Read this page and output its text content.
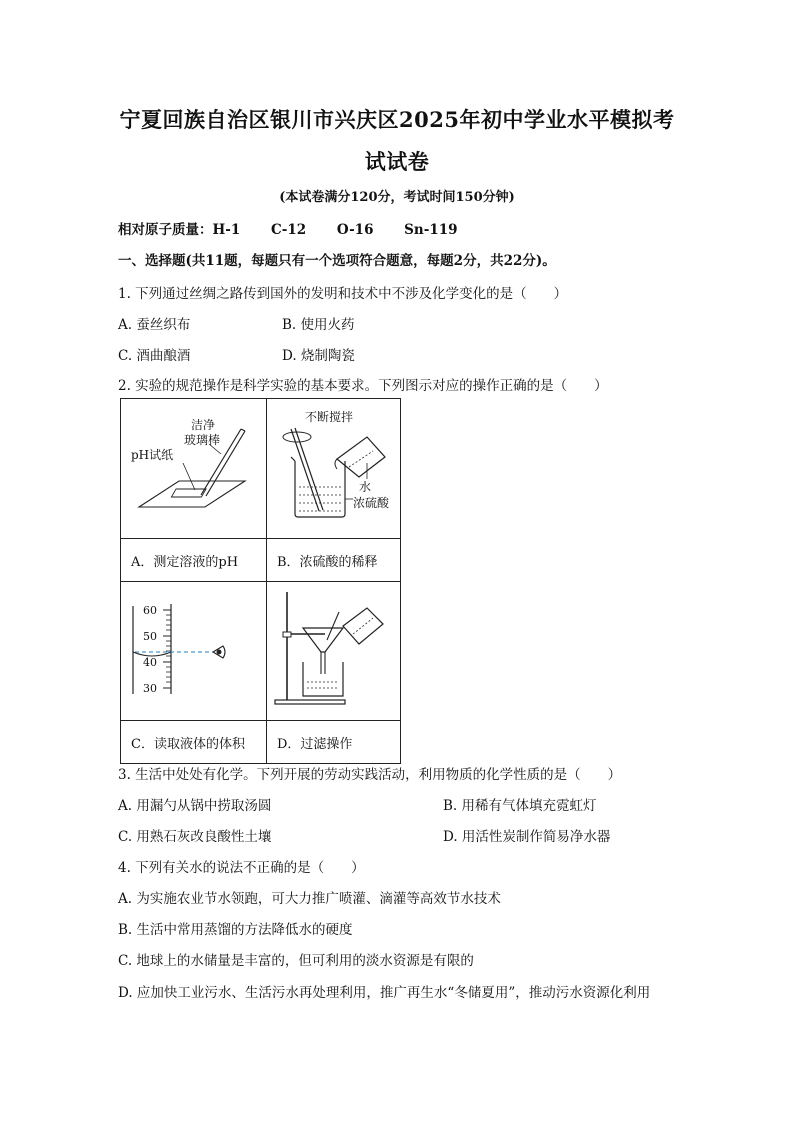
宁夏回族自治区银川市兴庆区2025年初中学业水平模拟考
试试卷
(本试卷满分120分，考试时间150分钟)
相对原子质量：H-1 C-12 O-16 Sn-119
一、选择题(共11题，每题只有一个选项符合题意，每题2分，共22分)。
1. 下列通过丝绸之路传到国外的发明和技术中不涉及化学变化的是（　　）
A. 蚕丝织布	B. 使用火药
C. 酒曲酿酒	D. 烧制陶瓷
2. 实验的规范操作是科学实验的基本要求。下列图示对应的操作正确的是（　　）
洁净
玻璃棒
pH试纸	不断搅拌
水
浓硫酸

A．测定溶液的pH	B．浓硫酸的稀释

60
50
40
30

C．读取液体的体积	D．过滤操作
3. 生活中处处有化学。下列开展的劳动实践活动，利用物质的化学性质的是（　　）
A. 用漏勺从锅中捞取汤圆	B. 用稀有气体填充霓虹灯
C. 用熟石灰改良酸性土壤	D. 用活性炭制作简易净水器
4. 下列有关水的说法不正确的是（　　）
A. 为实施农业节水领跑，可大力推广喷灌、滴灌等高效节水技术
B. 生活中常用蒸馏的方法降低水的硬度
C. 地球上的水储量是丰富的，但可利用的淡水资源是有限的
D. 应加快工业污水、生活污水再处理利用，推广再生水“冬储夏用”，推动污水资源化利用
